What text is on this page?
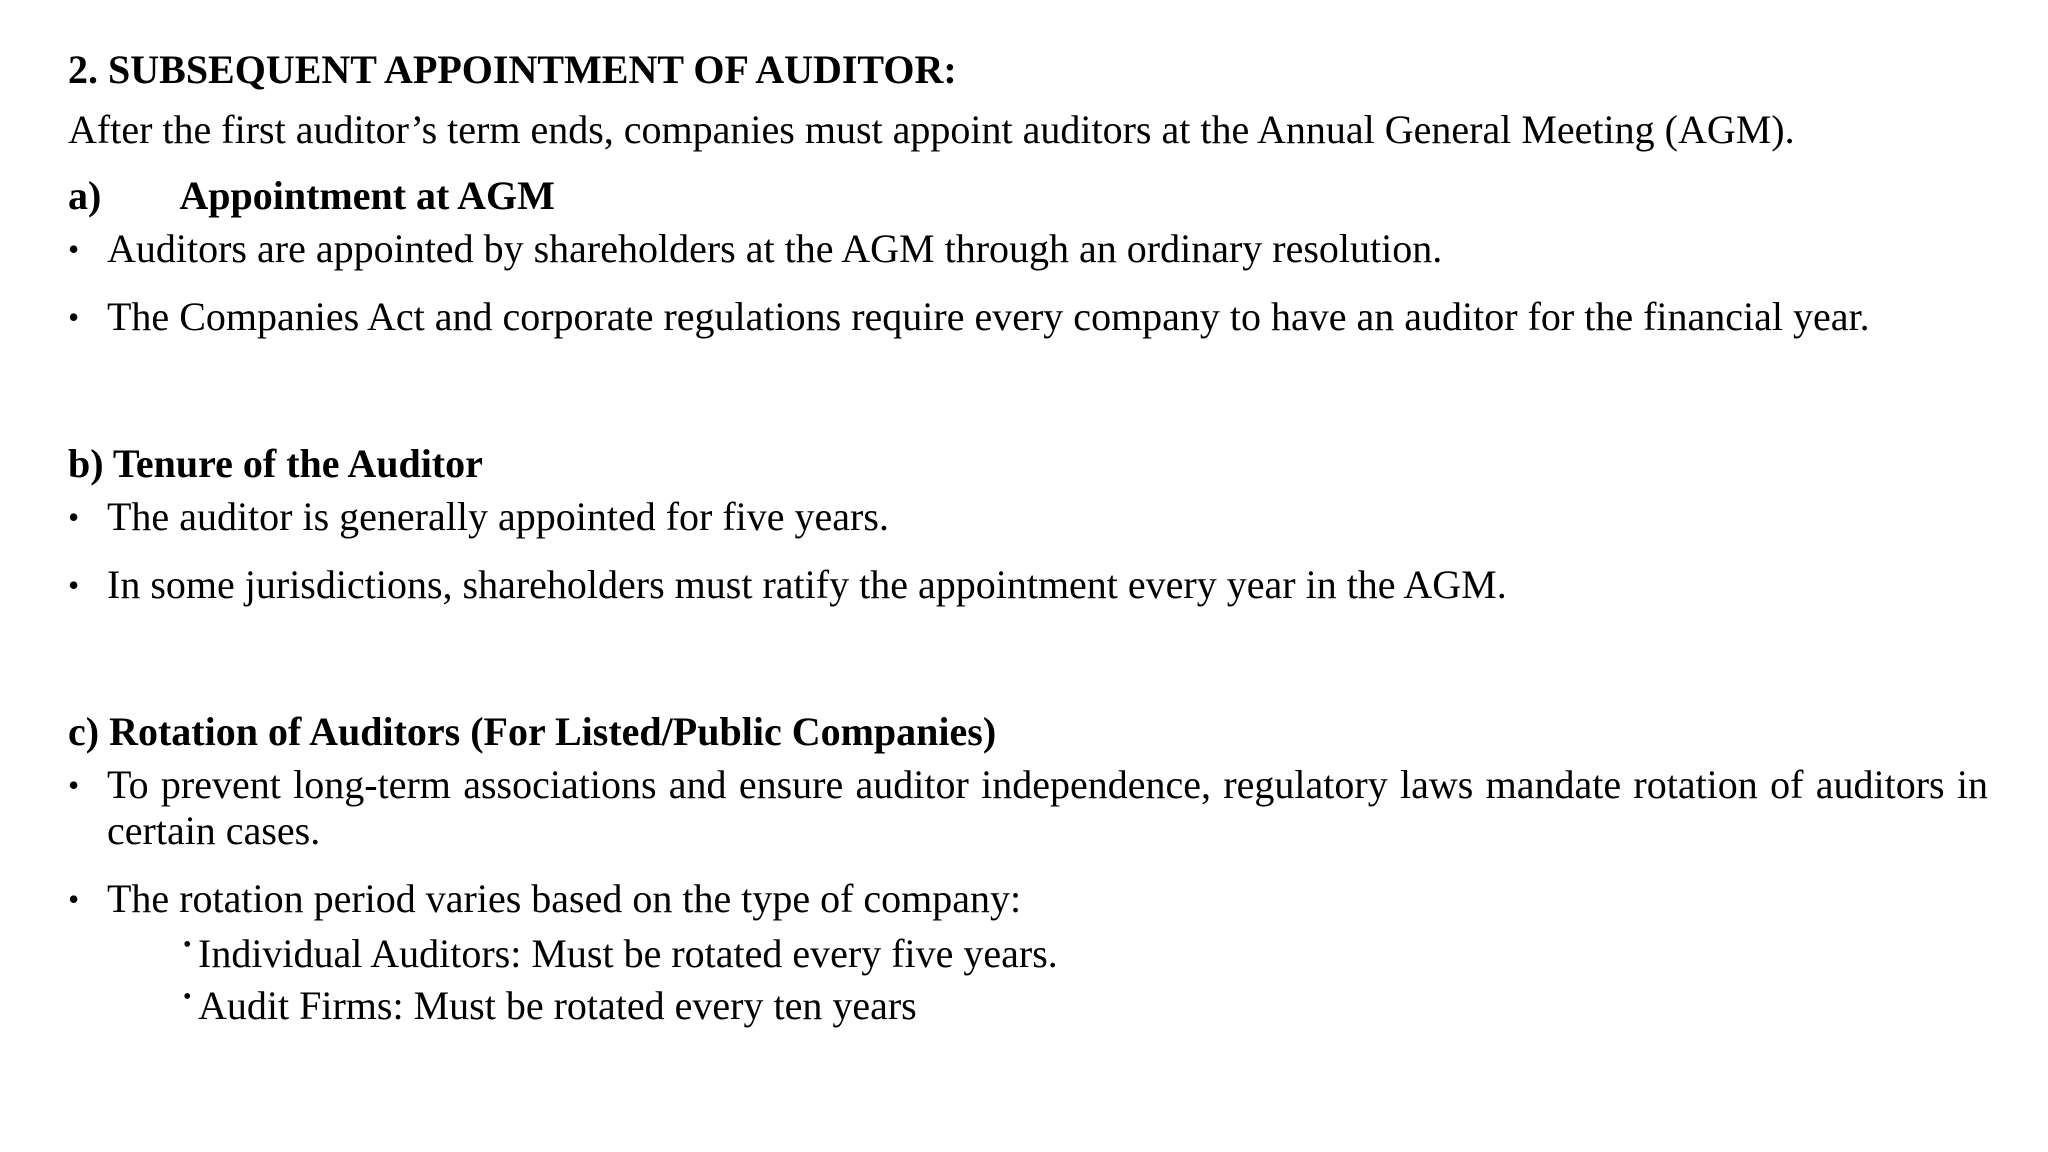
2. SUBSEQUENT APPOINTMENT OF AUDITOR:

After the first auditor’s term ends, companies must appoint auditors at the Annual General Meeting (AGM).

a) Appointment at AGM

• Auditors are appointed by shareholders at the AGM through an ordinary resolution.
• The Companies Act and corporate regulations require every company to have an auditor for the financial year.

b) Tenure of the Auditor

• The auditor is generally appointed for five years.
• In some jurisdictions, shareholders must ratify the appointment every year in the AGM.

c) Rotation of Auditors (For Listed/Public Companies)

• To prevent long-term associations and ensure auditor independence, regulatory laws mandate rotation of auditors in certain cases.
• The rotation period varies based on the type of company:
• Individual Auditors: Must be rotated every five years.
• Audit Firms: Must be rotated every ten years
